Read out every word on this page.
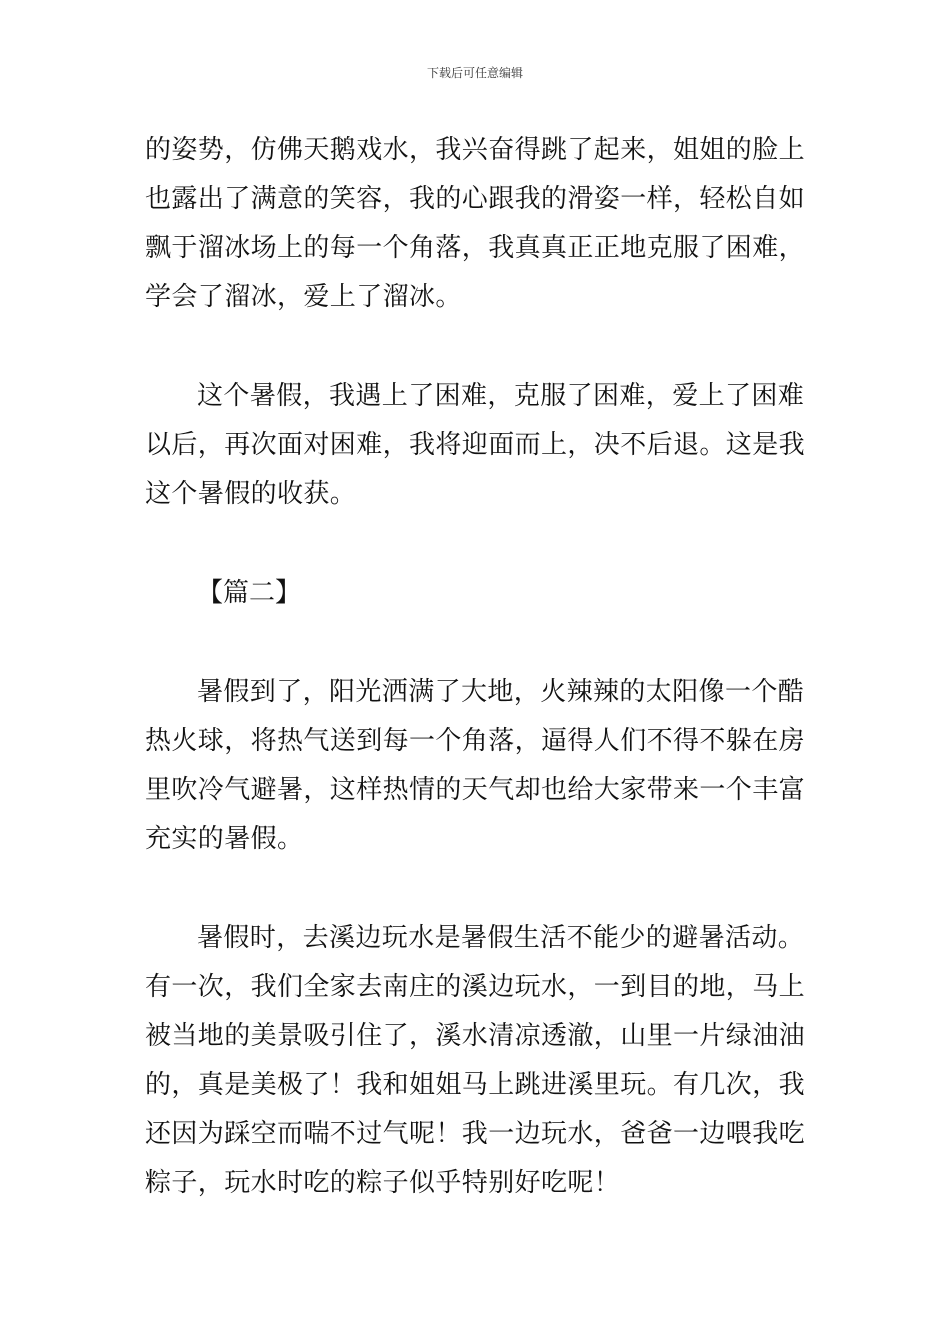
下载后可任意编辑
的姿势，仿佛天鹅戏水，我兴奋得跳了起来，姐姐的脸上
也露出了满意的笑容，我的心跟我的滑姿一样，轻松自如
飘于溜冰场上的每一个角落，我真真正正地克服了困难，
学会了溜冰，爱上了溜冰。
这个暑假，我遇上了困难，克服了困难，爱上了困难
以后，再次面对困难，我将迎面而上，决不后退。这是我
这个暑假的收获。
【篇二】
暑假到了，阳光洒满了大地，火辣辣的太阳像一个酷
热火球，将热气送到每一个角落，逼得人们不得不躲在房
里吹冷气避暑，这样热情的天气却也给大家带来一个丰富
充实的暑假。
暑假时，去溪边玩水是暑假生活不能少的避暑活动。
有一次，我们全家去南庄的溪边玩水，一到目的地，马上
被当地的美景吸引住了，溪水清凉透澈，山里一片绿油油
的，真是美极了！我和姐姐马上跳进溪里玩。有几次，我
还因为踩空而喘不过气呢！我一边玩水，爸爸一边喂我吃
粽子，玩水时吃的粽子似乎特别好吃呢！
